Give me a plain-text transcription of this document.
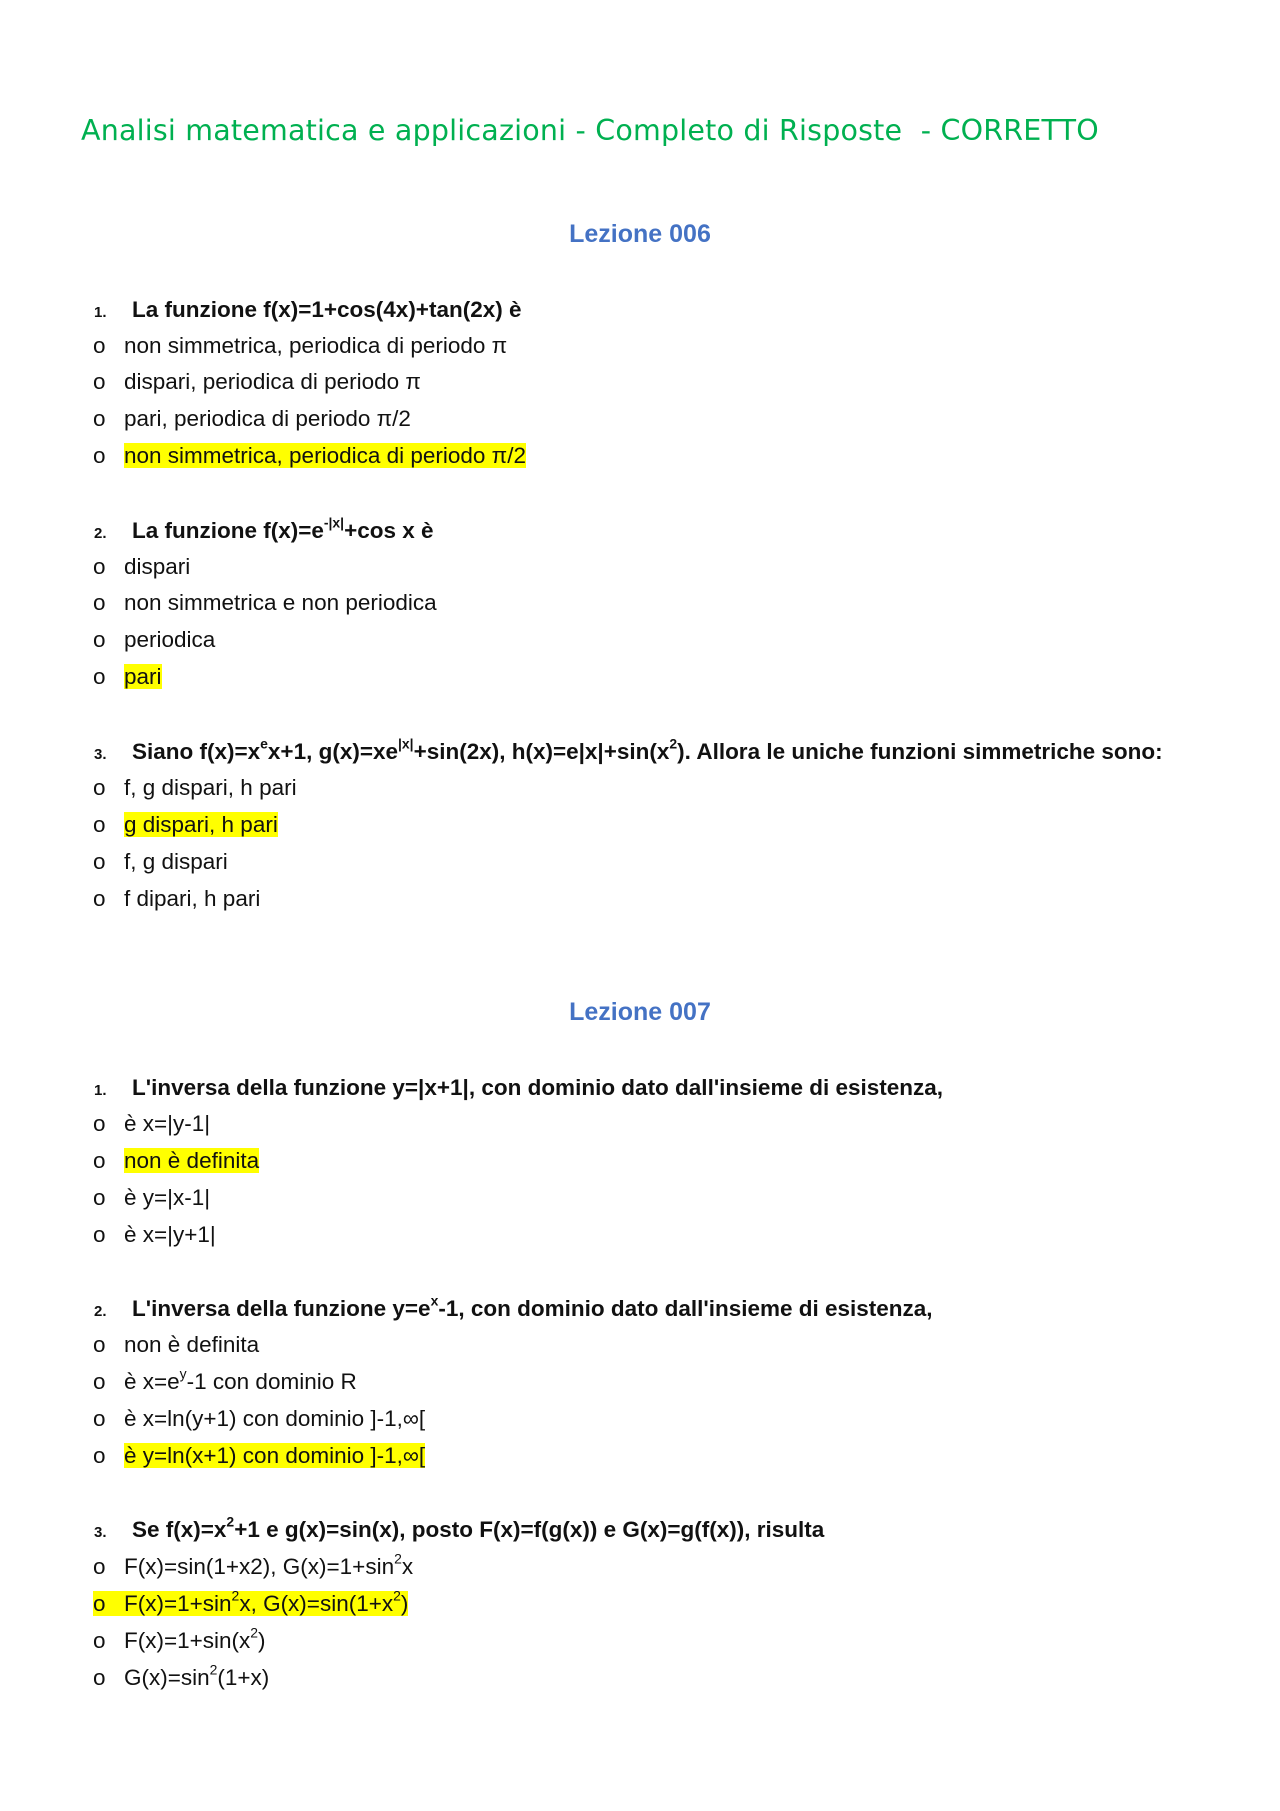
Analisi matematica e applicazioni - Completo di Risposte  - CORRETTO
Lezione 006
1. La funzione f(x)=1+cos(4x)+tan(2x) è
o non simmetrica, periodica di periodo π
o dispari, periodica di periodo π
o pari, periodica di periodo π/2
o non simmetrica, periodica di periodo π/2
2. La funzione $f(x)=e^{-|x|}+\cos$ x è
o dispari
o non simmetrica e non periodica
o periodica
o pari
3. Siano $f(x)=x^ex+1$, $g(x)=xe^{|x|}+\sin(2x)$, $h(x)=e|x|+\sin(x^2)$. Allora le uniche funzioni simmetriche sono:
o f, g dispari, h pari
o g dispari, h pari
o f, g dispari
o f dipari, h pari
Lezione 007
1. L'inversa della funzione y=|x+1|, con dominio dato dall'insieme di esistenza,
o è x=|y-1|
o non è definita
o è y=|x-1|
o è x=|y+1|
2. L'inversa della funzione $y=e^x-1$, con dominio dato dall'insieme di esistenza,
o non è definita
o è $x=e^y-1$ con dominio R
o è x=ln(y+1) con dominio ]-1,∞[
o è y=ln(x+1) con dominio ]-1,∞[
3. Se $f(x)=x^2+1$ e g(x)=sin(x), posto F(x)=f(g(x)) e G(x)=g(f(x)), risulta
o F(x)=sin(1+x2), $G(x)=1+\sin^2x$
o $F(x)=1+\sin^2x$, $G(x)=\sin(1+x^2)$
o $F(x)=1+\sin(x^2)$
o $G(x)=\sin^2(1+x)$
